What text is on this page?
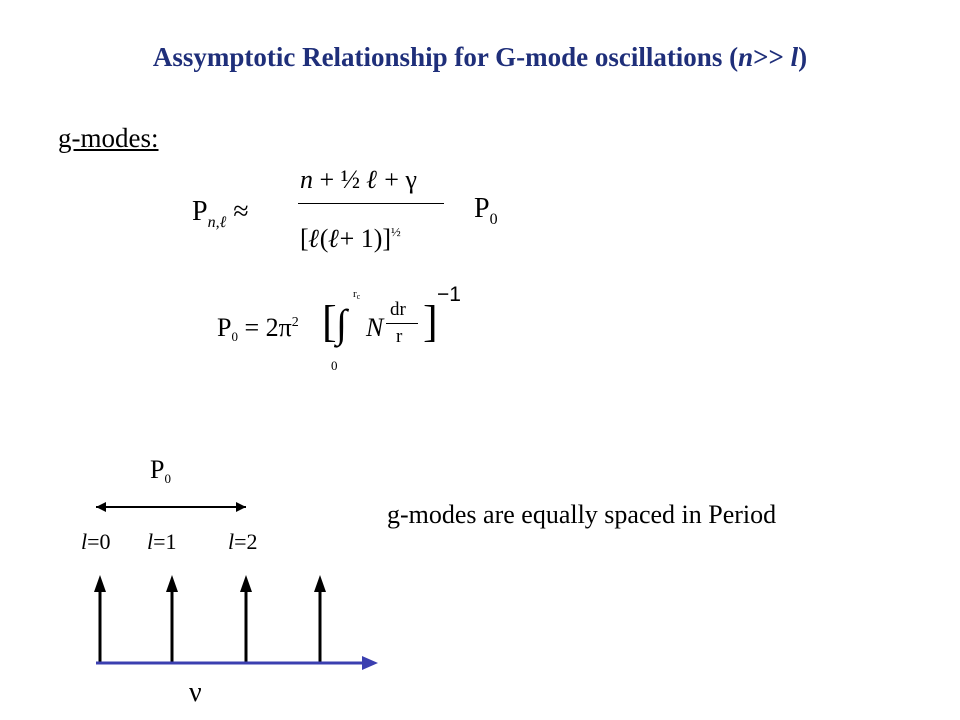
Assymptotic Relationship for G-mode oscillations (n>> l)
g-modes:
$P_{n,\ell}$ ≈
n + ½ ℓ + γ
[ℓ(ℓ+ 1)]$^{\frac{1}{2}}$
$P_0$
$P0 = 2\pi^2$ [ ∫
rc
0
N
dr
r ]
−1
P0
l=0 l=1 l=2
ν
g-modes are equally spaced in Period
